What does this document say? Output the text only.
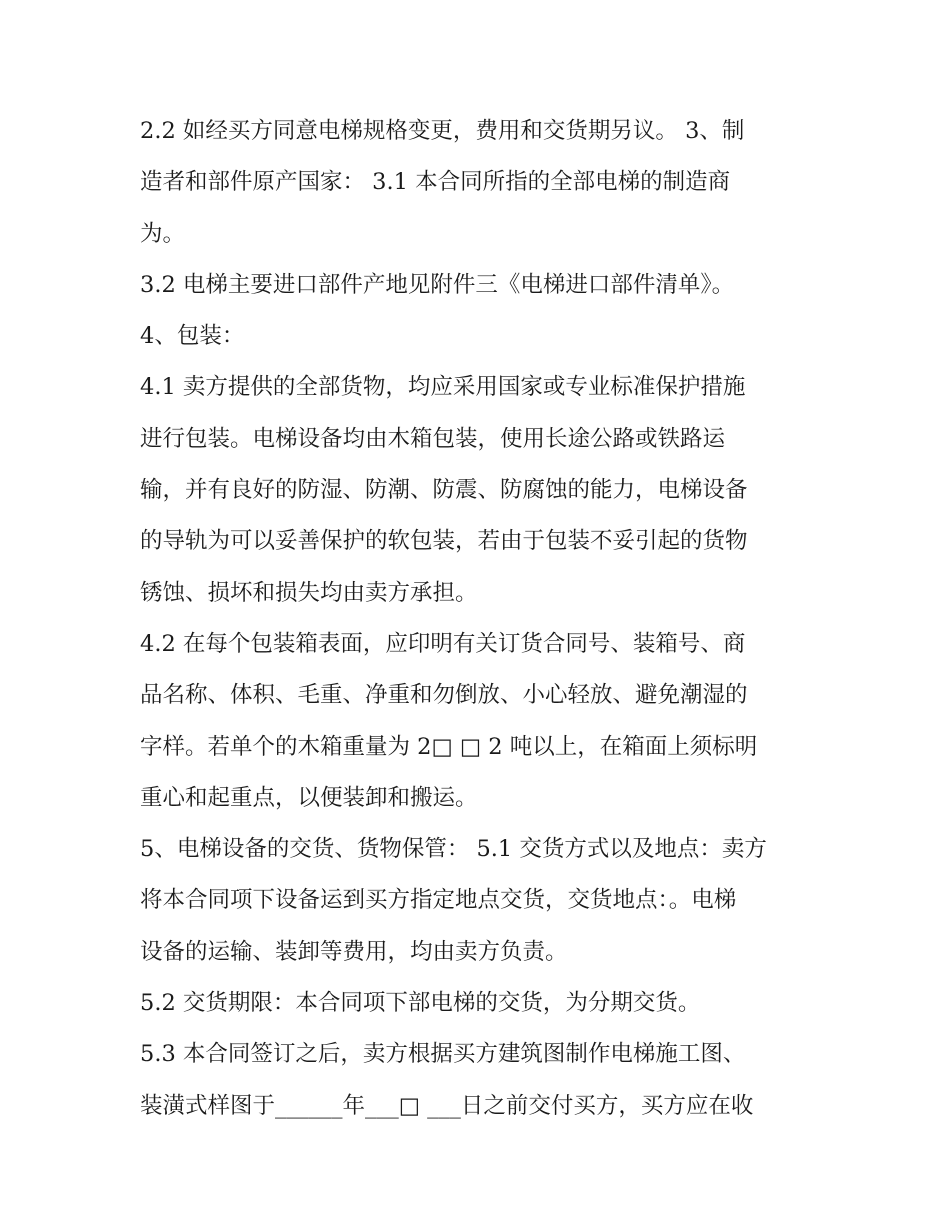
2.2 如经买方同意电梯规格变更，费用和交货期另议。 3、制
造者和部件原产国家： 3.1 本合同所指的全部电梯的制造商
为。
3.2 电梯主要进口部件产地见附件三《电梯进口部件清单》。
4、包装：
4.1 卖方提供的全部货物，均应采用国家或专业标准保护措施
进行包装。电梯设备均由木箱包装，使用长途公路或铁路运
输，并有良好的防湿、防潮、防震、防腐蚀的能力，电梯设备
的导轨为可以妥善保护的软包装，若由于包装不妥引起的货物
锈蚀、损坏和损失均由卖方承担。
4.2 在每个包装箱表面，应印明有关订货合同号、装箱号、商
品名称、体积、毛重、净重和勿倒放、小心轻放、避免潮湿的
字样。若单个的木箱重量为 2□ □ 2 吨以上，在箱面上须标明
重心和起重点，以便装卸和搬运。
5、电梯设备的交货、货物保管： 5.1 交货方式以及地点：卖方
将本合同项下设备运到买方指定地点交货，交货地点：。电梯
设备的运输、装卸等费用，均由卖方负责。
5.2 交货期限：本合同项下部电梯的交货，为分期交货。
5.3 本合同签订之后，卖方根据买方建筑图制作电梯施工图、
装潢式样图于______年___□ ___日之前交付买方，买方应在收
